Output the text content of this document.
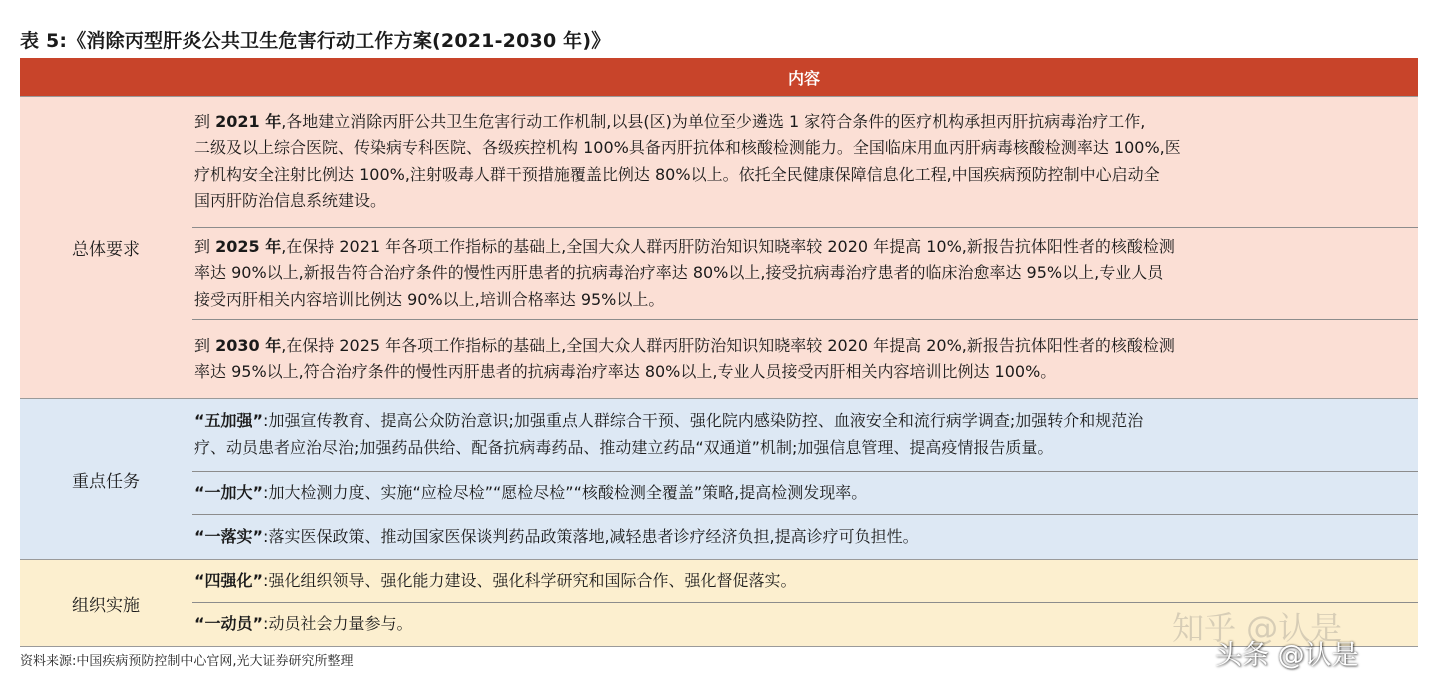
表 5:《消除丙型肝炎公共卫生危害行动工作方案(2021-2030 年)》
内容
总体要求
到 2021 年,各地建立消除丙肝公共卫生危害行动工作机制,以县(区)为单位至少遴选 1 家符合条件的医疗机构承担丙肝抗病毒治疗工作,
二级及以上综合医院、传染病专科医院、各级疾控机构 100%具备丙肝抗体和核酸检测能力。全国临床用血丙肝病毒核酸检测率达 100%,医
疗机构安全注射比例达 100%,注射吸毒人群干预措施覆盖比例达 80%以上。依托全民健康保障信息化工程,中国疾病预防控制中心启动全
国丙肝防治信息系统建设。
到 2025 年,在保持 2021 年各项工作指标的基础上,全国大众人群丙肝防治知识知晓率较 2020 年提高 10%,新报告抗体阳性者的核酸检测
率达 90%以上,新报告符合治疗条件的慢性丙肝患者的抗病毒治疗率达 80%以上,接受抗病毒治疗患者的临床治愈率达 95%以上,专业人员
接受丙肝相关内容培训比例达 90%以上,培训合格率达 95%以上。
到 2030 年,在保持 2025 年各项工作指标的基础上,全国大众人群丙肝防治知识知晓率较 2020 年提高 20%,新报告抗体阳性者的核酸检测
率达 95%以上,符合治疗条件的慢性丙肝患者的抗病毒治疗率达 80%以上,专业人员接受丙肝相关内容培训比例达 100%。
重点任务
“五加强”:加强宣传教育、提高公众防治意识;加强重点人群综合干预、强化院内感染防控、血液安全和流行病学调查;加强转介和规范治
疗、动员患者应治尽治;加强药品供给、配备抗病毒药品、推动建立药品“双通道”机制;加强信息管理、提高疫情报告质量。
“一加大”:加大检测力度、实施“应检尽检”“愿检尽检”“核酸检测全覆盖”策略,提高检测发现率。
“一落实”:落实医保政策、推动国家医保谈判药品政策落地,减轻患者诊疗经济负担,提高诊疗可负担性。
组织实施
“四强化”:强化组织领导、强化能力建设、强化科学研究和国际合作、强化督促落实。
“一动员”:动员社会力量参与。
资料来源:中国疾病预防控制中心官网,光大证券研究所整理
知乎 @认是
头条 @认是
